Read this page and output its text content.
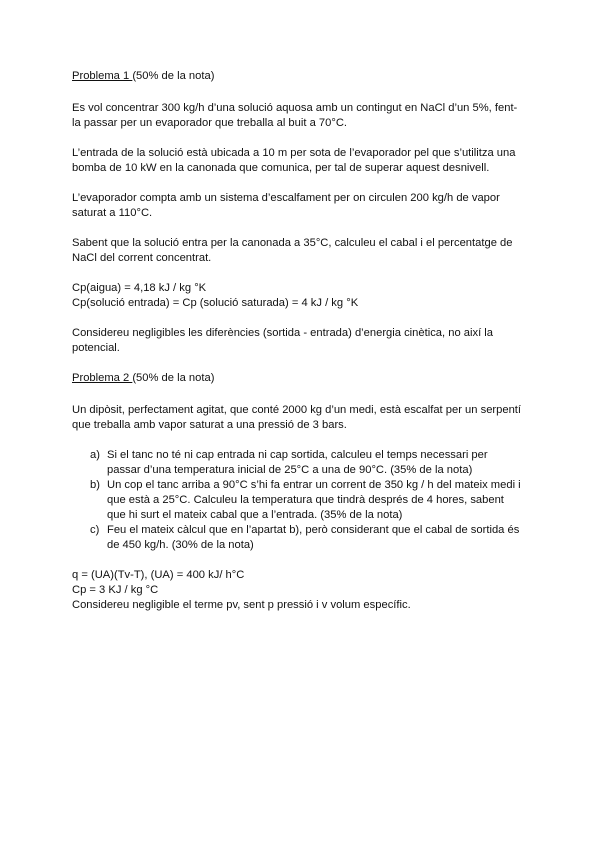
Problema 1 (50% de la nota)

Es vol concentrar 300 kg/h d’una solució aquosa amb un contingut en NaCl d’un 5%, fent-la passar per un evaporador que treballa al buit a 70°C.

L’entrada de la solució està ubicada a 10 m per sota de l’evaporador pel que s’utilitza una bomba de 10 kW en la canonada que comunica, per tal de superar aquest desnivell.

L’evaporador compta amb un sistema d’escalfament per on circulen 200 kg/h de vapor saturat a 110°C.

Sabent que la solució entra per la canonada a 35°C, calculeu el cabal i el percentatge de NaCl del corrent concentrat.

Cp(aigua) = 4,18 kJ / kg °K

Cp(solució entrada) = Cp (solució saturada) = 4 kJ / kg °K

Considereu negligibles les diferències (sortida - entrada) d’energia cinètica, no així la potencial.

Problema 2 (50% de la nota)

Un dipòsit, perfectament agitat, que conté 2000 kg d’un medi, està escalfat per un serpentí que treballa amb vapor saturat a una pressió de 3 bars.

a) Si el tanc no té ni cap entrada ni cap sortida, calculeu el temps necessari per passar d’una temperatura inicial de 25°C a una de 90°C. (35% de la nota)
b) Un cop el tanc arriba a 90°C s’hi fa entrar un corrent de 350 kg / h del mateix medi i que està a 25°C. Calculeu la temperatura que tindrà després de 4 hores, sabent que hi surt el mateix cabal que a l’entrada. (35% de la nota)
c) Feu el mateix càlcul que en l’apartat b), però considerant que el cabal de sortida és de 450 kg/h. (30% de la nota)

q = (UA)(Tv-T), (UA) = 400 kJ/ h°C

Cp = 3 KJ / kg °C

Considereu negligible el terme pv, sent p pressió i v volum específic.
